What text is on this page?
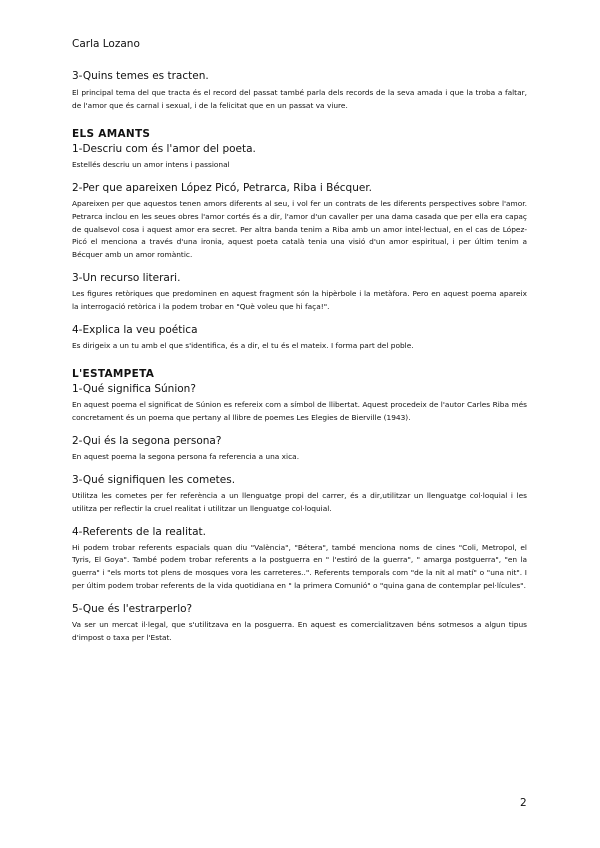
Carla Lozano

3-Quins temes es tracten.

El principal tema del que tracta és el record del passat també parla dels records de la seva amada i que la troba a faltar, de l'amor que és carnal i sexual, i de la felicitat que en un passat va viure.

ELS AMANTS

1-Descriu com és l'amor del poeta.

Estellés descriu un amor intens i passional

2-Per que apareixen López Picó, Petrarca, Riba i Bécquer.

Apareixen per que aquestos tenen amors diferents al seu, i vol fer un contrats de les diferents perspectives sobre l'amor. Petrarca inclou en les seues obres l'amor cortés és a dir, l'amor d'un cavaller per una dama casada que per ella era capaç de qualsevol cosa i aquest amor era secret. Per altra banda tenim a Riba amb un amor intel·lectual, en el cas de López-Picó el menciona a través d'una ironia, aquest poeta català tenia una visió d'un amor espiritual, i per últim tenim a Bécquer amb un amor romàntic.

3-Un recurso literari.

Les figures retòriques que predominen en aquest fragment són la hipèrbole i la metàfora. Pero en aquest poema apareix la interrogació retòrica i la podem trobar en "Què voleu que hi faça!".

4-Explica la veu poética

Es dirigeix a un tu amb el que s'identifica, és a dir, el tu és el mateix. I forma part del poble.

L'ESTAMPETA

1-Qué significa Súnion?

En aquest poema el significat de Súnion es refereix com a símbol de llibertat. Aquest procedeix de l'autor Carles Riba més concretament és un poema que pertany al llibre de poemes Les Elegies de Bierville (1943).

2-Qui és la segona persona?

En aquest poema la segona persona fa referencia a una xica.

3-Qué signifiquen les cometes.

Utilitza les cometes per fer referència a un llenguatge propi del carrer, és a dir,utilitzar un llenguatge col·loquial i les utilitza per reflectir la cruel realitat i utilitzar un llenguatge col·loquial.

4-Referents de la realitat.

Hi podem trobar referents espacials quan diu "València", "Bétera", també menciona noms de cines "Coli, Metropol, el Tyris, El Goya". També podem trobar referents a la postguerra en " l'estiró de la guerra", " amarga postguerra", "en la guerra" i "els morts tot plens de mosques vora les carreteres..". Referents temporals com "de la nit al matí" o "una nit". I per últim podem trobar referents de la vida quotidiana en " la primera Comunió" o "quina gana de contemplar pel·lícules".

5-Que és l'estrarperlo?

Va ser un mercat il·legal, que s'utilitzava en la posguerra. En aquest es comercialitzaven béns sotmesos a algun tipus d'impost o taxa per l'Estat.

2
